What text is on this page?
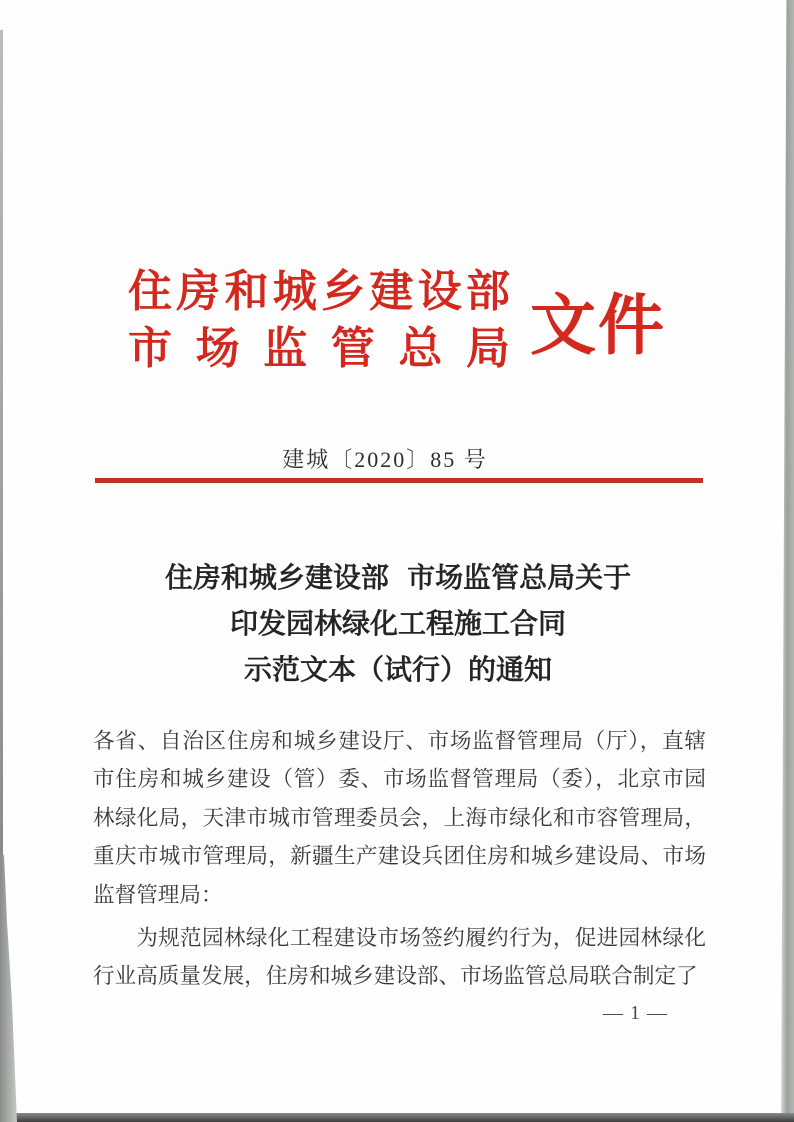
住房和城乡建设部
市场监管总局 文件
建城〔2020〕85 号
住房和城乡建设部 市场监管总局关于
印发园林绿化工程施工合同
示范文本（试行）的通知

各省、自治区住房和城乡建设厅、市场监督管理局（厅），直辖市住房和城乡建设（管）委、市场监督管理局（委），北京市园林绿化局，天津市城市管理委员会，上海市绿化和市容管理局，重庆市城市管理局，新疆生产建设兵团住房和城乡建设局、市场监督管理局：

为规范园林绿化工程建设市场签约履约行为，促进园林绿化行业高质量发展，住房和城乡建设部、市场监管总局联合制定了

— 1 —
